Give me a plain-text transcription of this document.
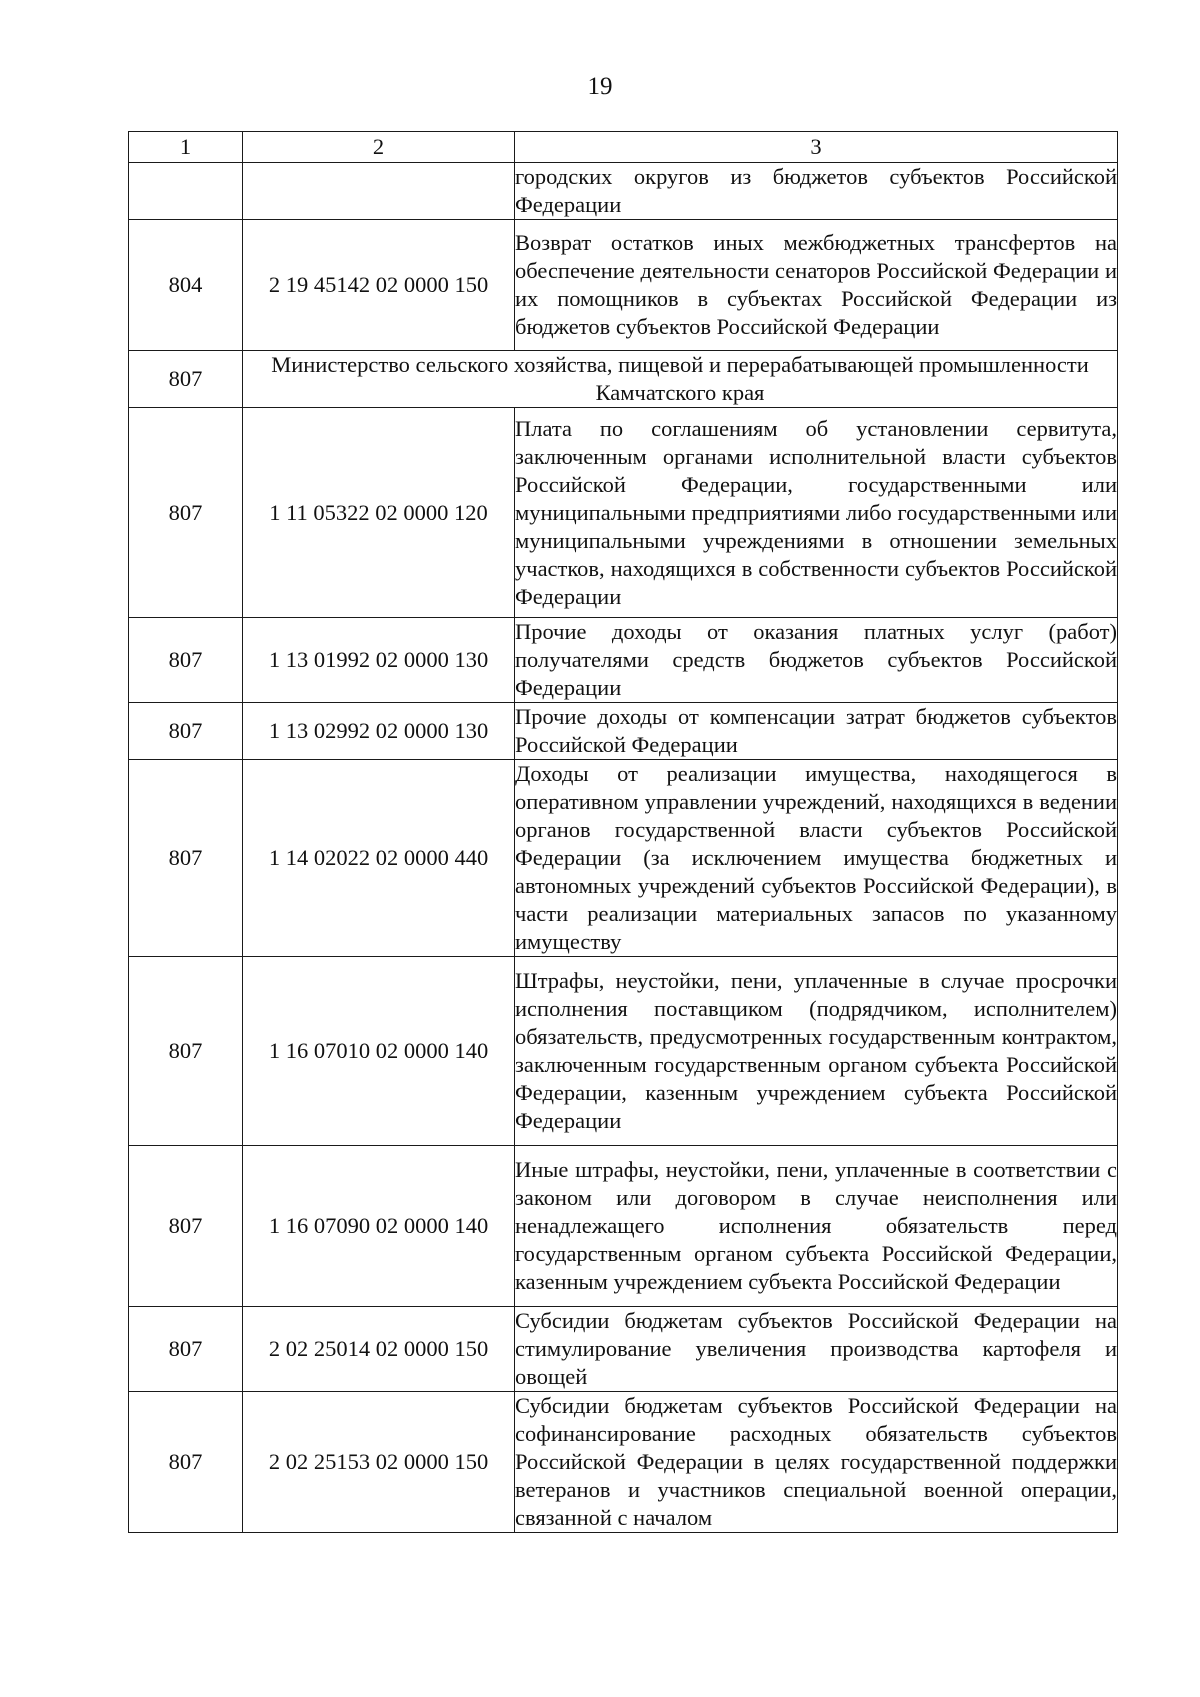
19
1	2	3
		городских округов из бюджетов субъектов Российской Федерации
804	2 19 45142 02 0000 150	Возврат остатков иных межбюджетных трансфертов на обеспечение деятельности сенаторов Российской Федерации и их помощников в субъектах Российской Федерации из бюджетов субъектов Российской Федерации
807	Министерство сельского хозяйства, пищевой и перерабатывающей промышленности Камчатского края	
807	1 11 05322 02 0000 120	Плата по соглашениям об установлении сервитута, заключенным органами исполнительной власти субъектов Российской Федерации, государственными или муниципальными предприятиями либо государственными или муниципальными учреждениями в отношении земельных участков, находящихся в собственности субъектов Российской Федерации
807	1 13 01992 02 0000 130	Прочие доходы от оказания платных услуг (работ) получателями средств бюджетов субъектов Российской Федерации
807	1 13 02992 02 0000 130	Прочие доходы от компенсации затрат бюджетов субъектов Российской Федерации
807	1 14 02022 02 0000 440	Доходы от реализации имущества, находящегося в оперативном управлении учреждений, находящихся в ведении органов государственной власти субъектов Российской Федерации (за исключением имущества бюджетных и автономных учреждений субъектов Российской Федерации), в части реализации материальных запасов по указанному имуществу
807	1 16 07010 02 0000 140	Штрафы, неустойки, пени, уплаченные в случае просрочки исполнения поставщиком (подрядчиком, исполнителем) обязательств, предусмотренных государственным контрактом, заключенным государственным органом субъекта Российской Федерации, казенным учреждением субъекта Российской Федерации
807	1 16 07090 02 0000 140	Иные штрафы, неустойки, пени, уплаченные в соответствии с законом или договором в случае неисполнения или ненадлежащего исполнения обязательств перед государственным органом субъекта Российской Федерации, казенным учреждением субъекта Российской Федерации
807	2 02 25014 02 0000 150	Субсидии бюджетам субъектов Российской Федерации на стимулирование увеличения производства картофеля и овощей
807	2 02 25153 02 0000 150	Субсидии бюджетам субъектов Российской Федерации на софинансирование расходных обязательств субъектов Российской Федерации в целях государственной поддержки ветеранов и участников специальной военной операции, связанной с началом
